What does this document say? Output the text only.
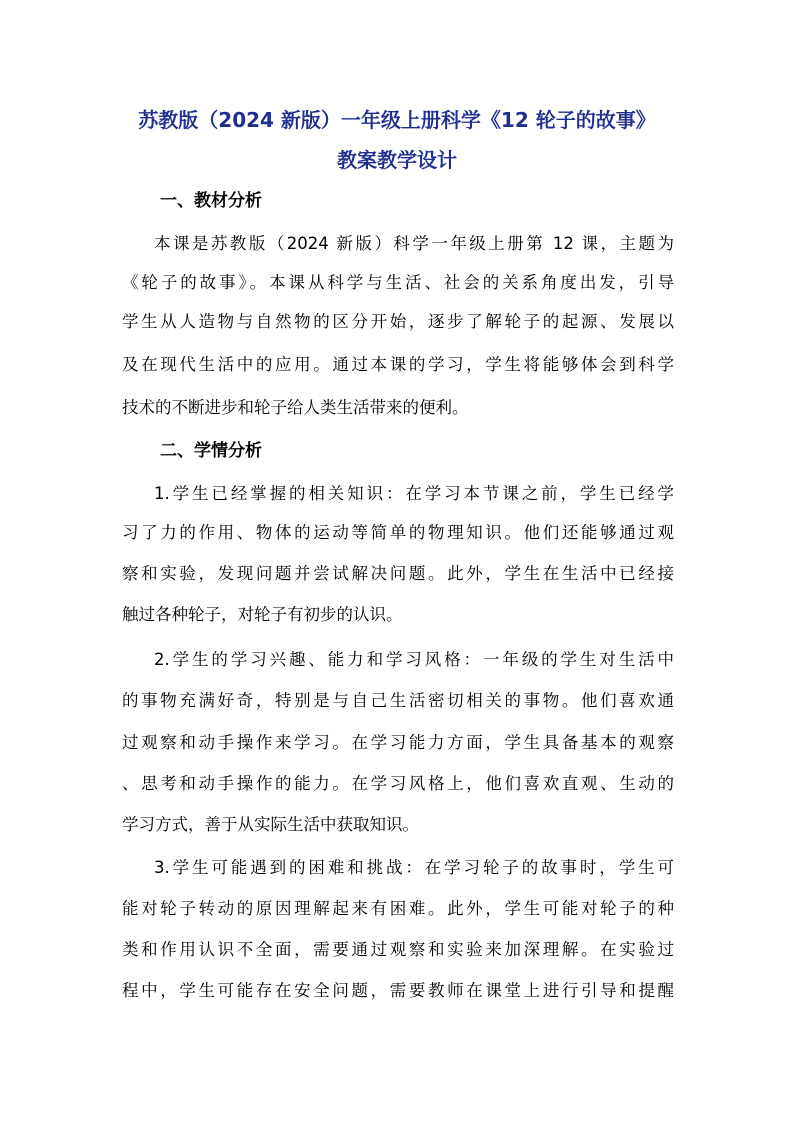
苏教版（2024 新版）一年级上册科学《12 轮子的故事》
教案教学设计
一、教材分析
本课是苏教版（2024 新版）科学一年级上册第 12 课，主题为
《轮子的故事》。本课从科学与生活、社会的关系角度出发，引导
学生从人造物与自然物的区分开始，逐步了解轮子的起源、发展以
及在现代生活中的应用。通过本课的学习，学生将能够体会到科学
技术的不断进步和轮子给人类生活带来的便利。
二、学情分析
1.学生已经掌握的相关知识：在学习本节课之前，学生已经学
习了力的作用、物体的运动等简单的物理知识。他们还能够通过观
察和实验，发现问题并尝试解决问题。此外，学生在生活中已经接
触过各种轮子，对轮子有初步的认识。
2.学生的学习兴趣、能力和学习风格：一年级的学生对生活中
的事物充满好奇，特别是与自己生活密切相关的事物。他们喜欢通
过观察和动手操作来学习。在学习能力方面，学生具备基本的观察
、思考和动手操作的能力。在学习风格上，他们喜欢直观、生动的
学习方式，善于从实际生活中获取知识。
3.学生可能遇到的困难和挑战：在学习轮子的故事时，学生可
能对轮子转动的原因理解起来有困难。此外，学生可能对轮子的种
类和作用认识不全面，需要通过观察和实验来加深理解。在实验过
程中，学生可能存在安全问题，需要教师在课堂上进行引导和提醒
